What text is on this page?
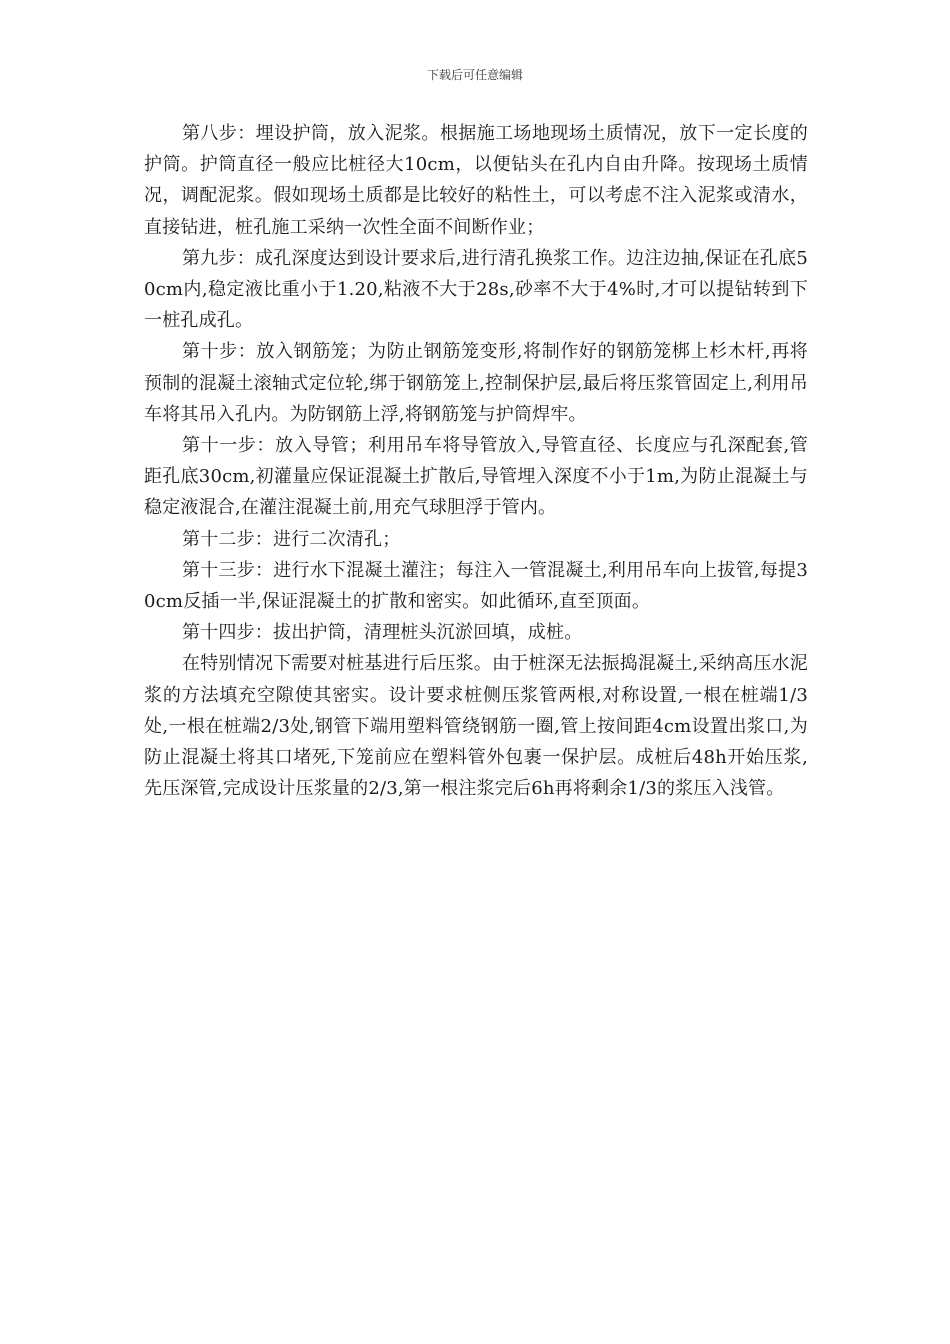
下载后可任意编辑

第八步：埋设护筒，放入泥浆。根据施工场地现场土质情况，放下一定长度的护筒。护筒直径一般应比桩径大10cm，以便钻头在孔内自由升降。按现场土质情况，调配泥浆。假如现场土质都是比较好的粘性土，可以考虑不注入泥浆或清水，直接钻进，桩孔施工采纳一次性全面不间断作业；

第九步：成孔深度达到设计要求后,进行清孔换浆工作。边注边抽,保证在孔底50cm内,稳定液比重小于1.20,粘液不大于28s,砂率不大于4%时,才可以提钻转到下一桩孔成孔。

第十步：放入钢筋笼；为防止钢筋笼变形,将制作好的钢筋笼梆上杉木杆,再将预制的混凝土滚轴式定位轮,绑于钢筋笼上,控制保护层,最后将压浆管固定上,利用吊车将其吊入孔内。为防钢筋上浮,将钢筋笼与护筒焊牢。

第十一步：放入导管；利用吊车将导管放入,导管直径、长度应与孔深配套,管距孔底30cm,初灌量应保证混凝土扩散后,导管埋入深度不小于1m,为防止混凝土与稳定液混合,在灌注混凝土前,用充气球胆浮于管内。

第十二步：进行二次清孔；

第十三步：进行水下混凝土灌注；每注入一管混凝土,利用吊车向上拔管,每提30cm反插一半,保证混凝土的扩散和密实。如此循环,直至顶面。

第十四步：拔出护筒，清理桩头沉淤回填，成桩。

在特别情况下需要对桩基进行后压浆。由于桩深无法振捣混凝土,采纳高压水泥浆的方法填充空隙使其密实。设计要求桩侧压浆管两根,对称设置,一根在桩端1/3处,一根在桩端2/3处,钢管下端用塑料管绕钢筋一圈,管上按间距4cm设置出浆口,为防止混凝土将其口堵死,下笼前应在塑料管外包裹一保护层。成桩后48h开始压浆,先压深管,完成设计压浆量的2/3,第一根注浆完后6h再将剩余1/3的浆压入浅管。
